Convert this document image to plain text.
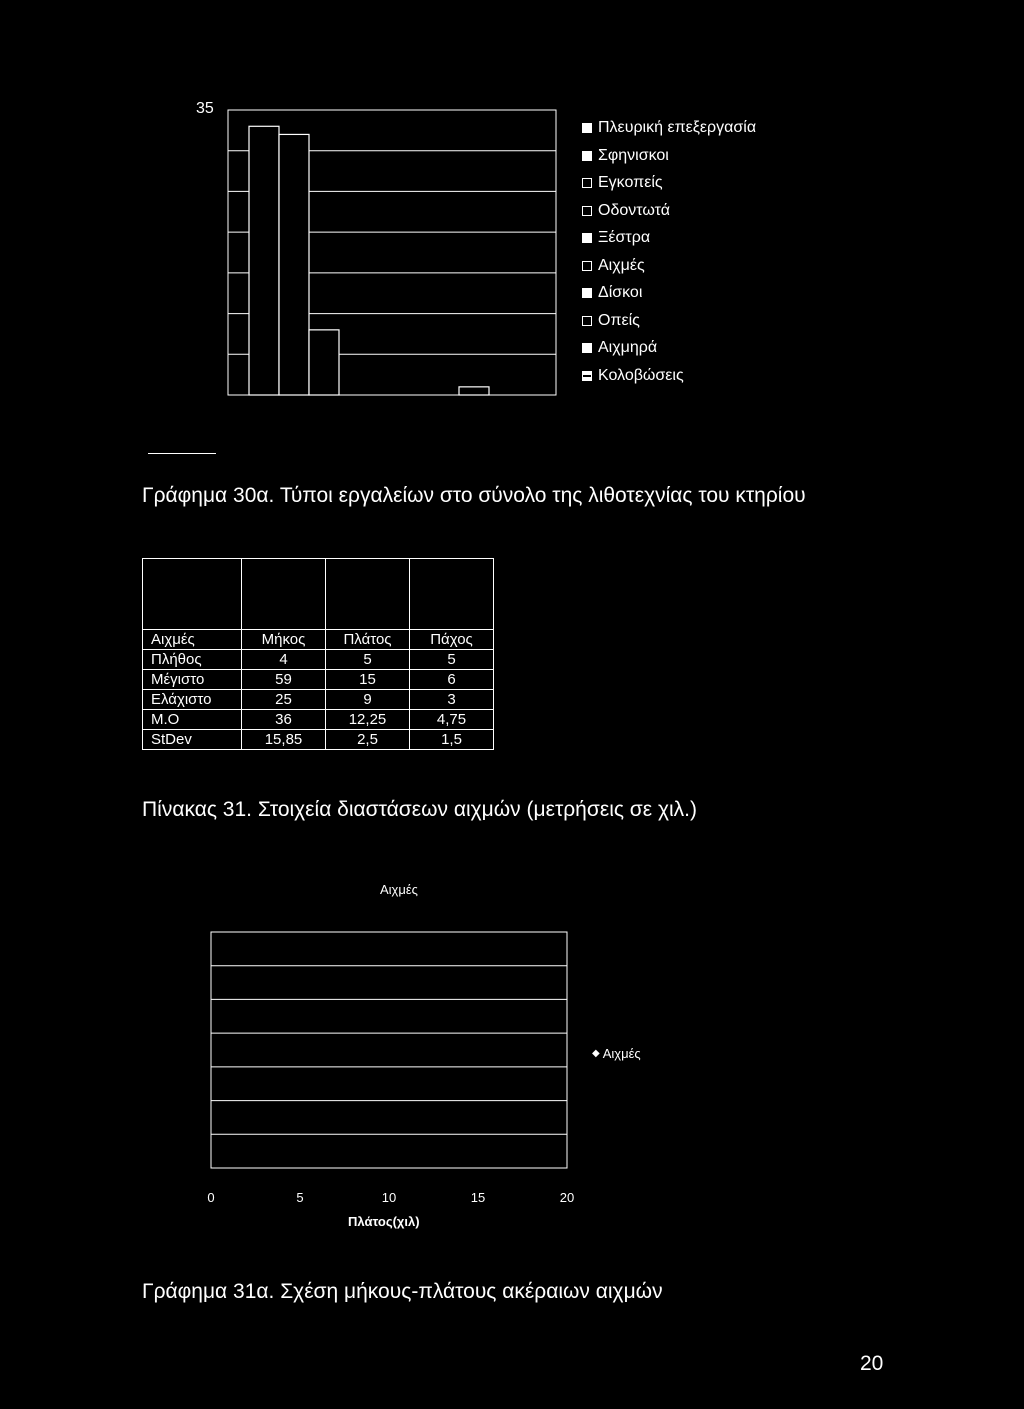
35
Πλευρική επεξεργασία
Σφηνισκοι
Εγκοπείς
Οδοντωτά
Ξέστρα
Αιχμές
Δίσκοι
Οπείς
Αιχμηρά
Κολοβώσεις
Γράφημα 30α. Τύποι εργαλείων στο σύνολο της λιθοτεχνίας του κτηρίου

Αιχμές	Μήκος	Πλάτος	Πάχος
Πλήθος	4	5	5
Μέγιστο	59	15	6
Ελάχιστο	25	9	3
Μ.Ο	36	12,25	4,75
StDev	15,85	2,5	1,5
Πίνακας 31. Στοιχεία διαστάσεων αιχμών (μετρήσεις σε χιλ.)
Αιχμές
0	5	10	15	20
◆ Αιχμές
Πλάτος(χιλ)
Γράφημα 31α. Σχέση μήκους-πλάτους ακέραιων αιχμών
20
